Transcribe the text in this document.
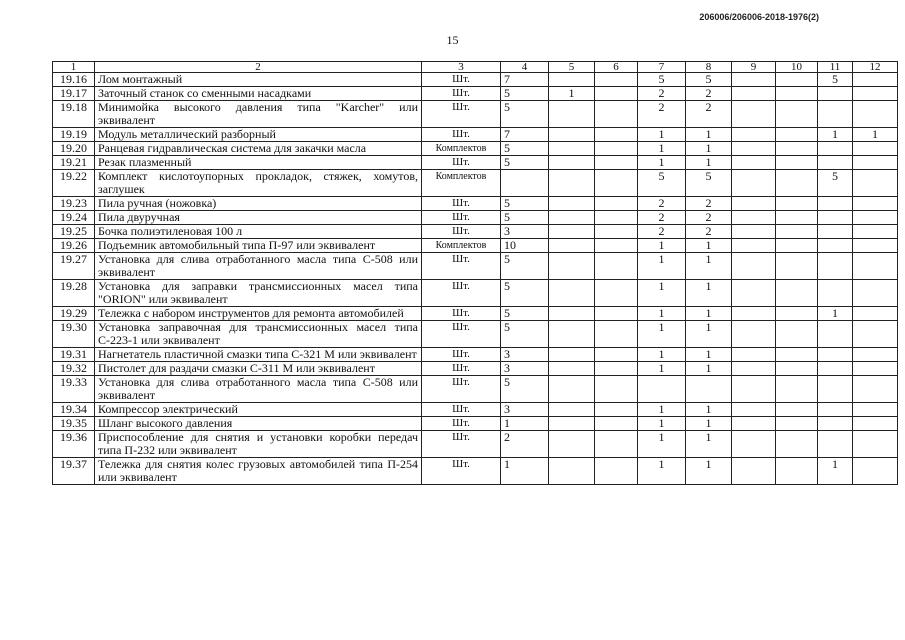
206006/206006-2018-1976(2)
15
1	2	3	4	5	6	7	8	9	10	11	12
19.16	Лом монтажный	Шт.	7			5	5			5	
19.17	Заточный станок со сменными насадками	Шт.	5	1		2	2				
19.18	Минимойка высокого давления типа "Karcher" или эквивалент	Шт.	5			2	2				
19.19	Модуль металлический разборный	Шт.	7			1	1			1	1
19.20	Ранцевая гидравлическая система для закачки масла	Комплектов	5			1	1				
19.21	Резак плазменный	Шт.	5			1	1				
19.22	Комплект кислотоупорных прокладок, стяжек, хомутов, заглушек	Комплектов				5	5			5	
19.23	Пила ручная (ножовка)	Шт.	5			2	2				
19.24	Пила двуручная	Шт.	5			2	2				
19.25	Бочка полиэтиленовая 100 л	Шт.	3			2	2				
19.26	Подъемник автомобильный типа П-97 или эквивалент	Комплектов	10			1	1				
19.27	Установка для слива отработанного масла типа С-508 или эквивалент	Шт.	5			1	1				
19.28	Установка для заправки трансмиссионных масел типа "ORION" или эквивалент	Шт.	5			1	1				
19.29	Тележка с набором инструментов для ремонта автомобилей	Шт.	5			1	1			1	
19.30	Установка заправочная для трансмиссионных масел типа С-223-1 или эквивалент	Шт.	5			1	1				
19.31	Нагнетатель пластичной смазки типа С-321 М или эквивалент	Шт.	3			1	1				
19.32	Пистолет для раздачи смазки С-311 М или эквивалент	Шт.	3			1	1				
19.33	Установка для слива отработанного масла типа С-508 или эквивалент	Шт.	5								
19.34	Компрессор электрический	Шт.	3			1	1				
19.35	Шланг высокого давления	Шт.	1			1	1				
19.36	Приспособление для снятия и установки коробки передач типа П-232 или эквивалент	Шт.	2			1	1				
19.37	Тележка для снятия колес грузовых автомобилей типа П-254 или эквивалент	Шт.	1			1	1			1	
